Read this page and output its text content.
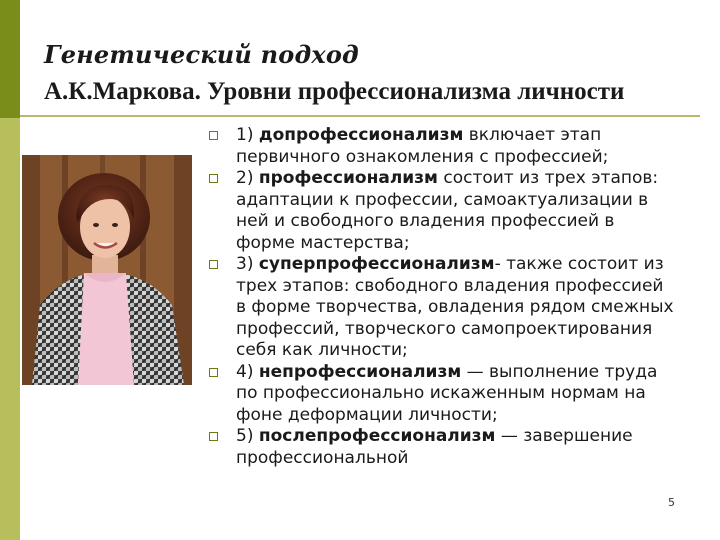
Генетический подход
А.К.Маркова. Уровни профессионализма личности
1) допрофессионализм включает этап первичного ознакомления с профессией;
2) профессионализм состоит из трех этапов: адаптации к профессии, самоактуализации в ней и свободного владения профессией в форме мастерства;
3) суперпрофессионализм- также состоит из трех этапов: свободного владения профессией в форме творчества, овладения рядом смежных профессий, творческого самопроектирования себя как личности;
4) непрофессионализм — выполнение труда по профессионально искаженным нормам на фоне деформации личности;
5) послепрофессионализм — завершение профессиональной
5
